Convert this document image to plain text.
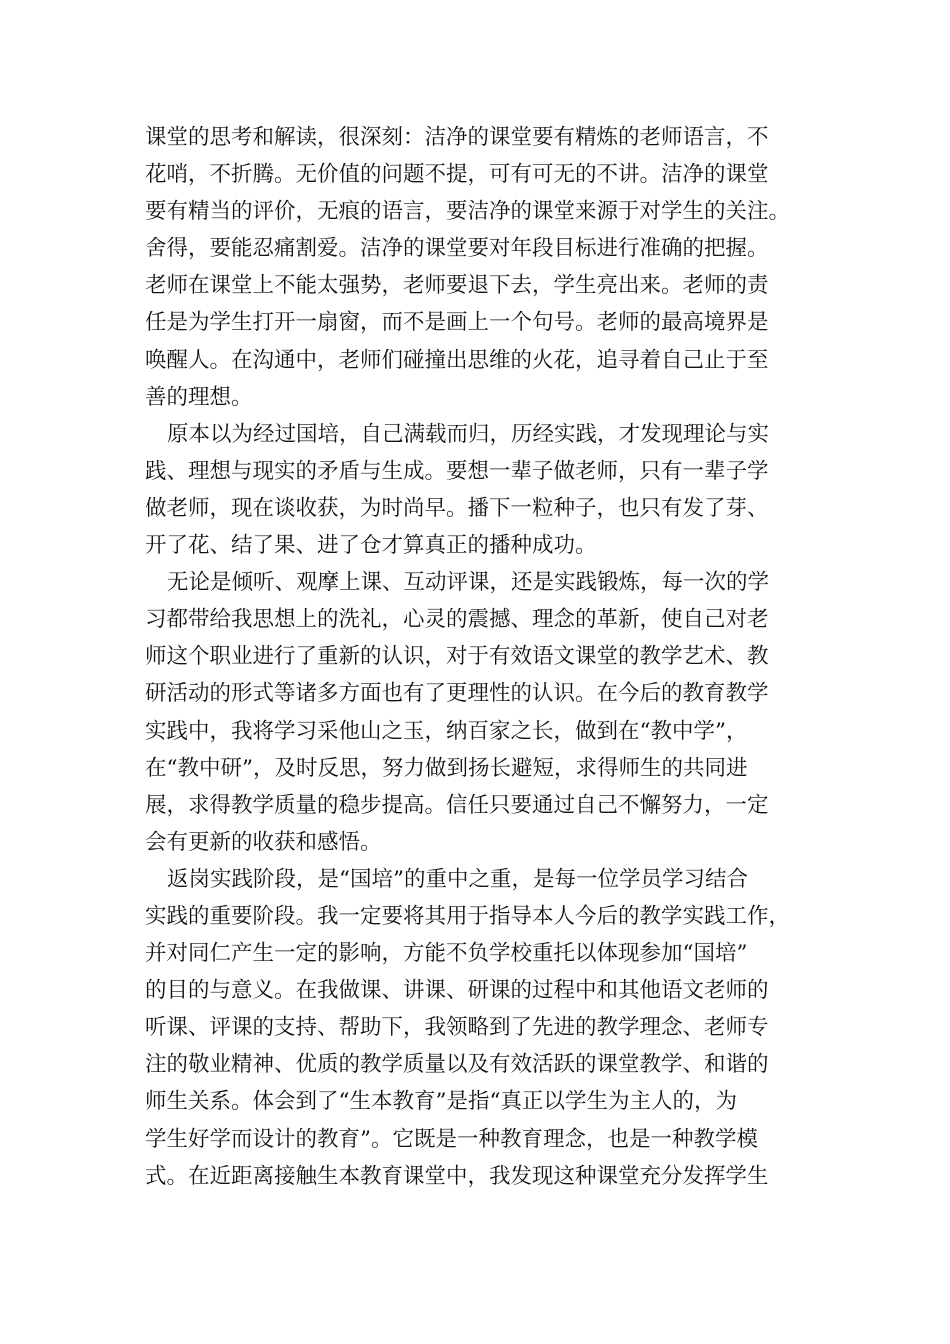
课堂的思考和解读，很深刻：洁净的课堂要有精炼的老师语言，不
花哨，不折腾。无价值的问题不提，可有可无的不讲。洁净的课堂
要有精当的评价，无痕的语言，要洁净的课堂来源于对学生的关注。
舍得，要能忍痛割爱。洁净的课堂要对年段目标进行准确的把握。
老师在课堂上不能太强势，老师要退下去，学生亮出来。老师的责
任是为学生打开一扇窗，而不是画上一个句号。老师的最高境界是
唤醒人。在沟通中，老师们碰撞出思维的火花，追寻着自己止于至
善的理想。
原本以为经过国培，自己满载而归，历经实践，才发现理论与实
践、理想与现实的矛盾与生成。要想一辈子做老师，只有一辈子学
做老师，现在谈收获，为时尚早。播下一粒种子，也只有发了芽、
开了花、结了果、进了仓才算真正的播种成功。
无论是倾听、观摩上课、互动评课，还是实践锻炼，每一次的学
习都带给我思想上的洗礼，心灵的震撼、理念的革新，使自己对老
师这个职业进行了重新的认识，对于有效语文课堂的教学艺术、教
研活动的形式等诸多方面也有了更理性的认识。在今后的教育教学
实践中，我将学习采他山之玉，纳百家之长，做到在“教中学”，
在“教中研”，及时反思，努力做到扬长避短，求得师生的共同进
展，求得教学质量的稳步提高。信任只要通过自己不懈努力，一定
会有更新的收获和感悟。
返岗实践阶段，是“国培”的重中之重，是每一位学员学习结合
实践的重要阶段。我一定要将其用于指导本人今后的教学实践工作，
并对同仁产生一定的影响，方能不负学校重托以体现参加“国培”
的目的与意义。在我做课、讲课、研课的过程中和其他语文老师的
听课、评课的支持、帮助下，我领略到了先进的教学理念、老师专
注的敬业精神、优质的教学质量以及有效活跃的课堂教学、和谐的
师生关系。体会到了“生本教育”是指“真正以学生为主人的，为
学生好学而设计的教育”。它既是一种教育理念，也是一种教学模
式。在近距离接触生本教育课堂中，我发现这种课堂充分发挥学生
